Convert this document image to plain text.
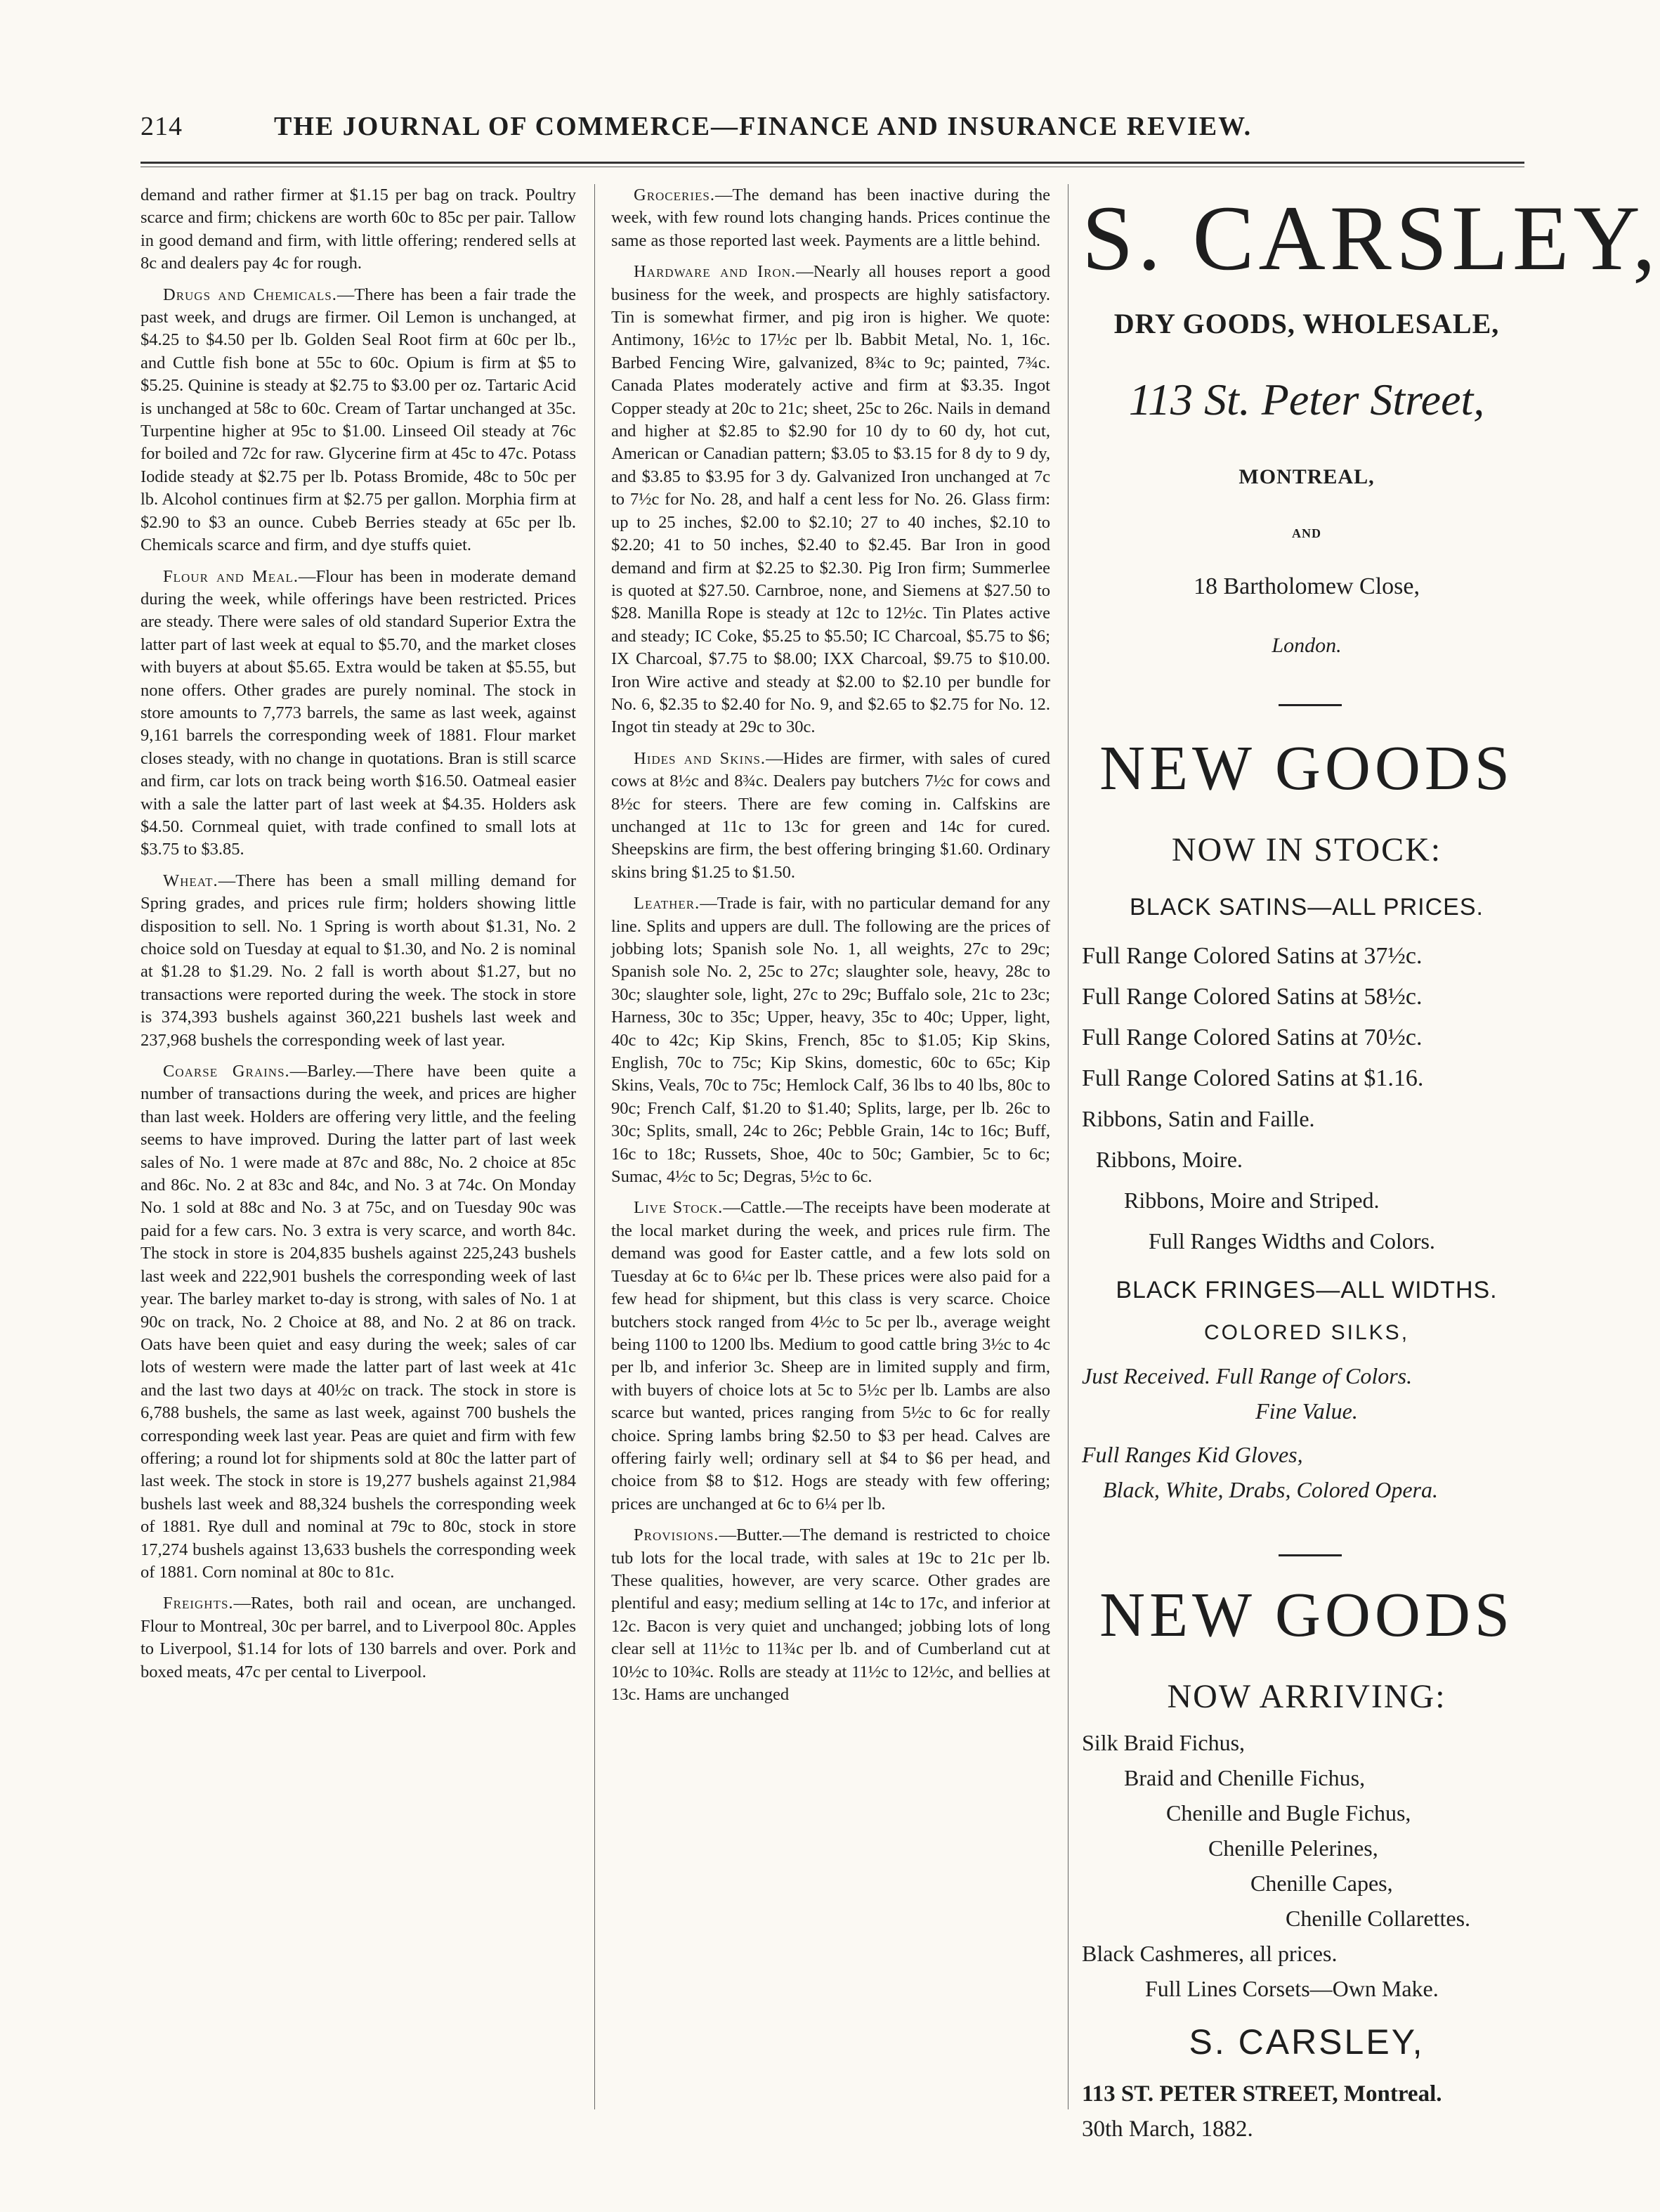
214	THE JOURNAL OF COMMERCE—FINANCE AND INSURANCE REVIEW.

demand and rather firmer at $1.15 per bag on track. Poultry scarce and firm; chickens are worth 60c to 85c per pair. Tallow in good demand and firm, with little offering; rendered sells at 8c and dealers pay 4c for rough.

Drugs and Chemicals.—There has been a fair trade the past week, and drugs are firmer. Oil Lemon is unchanged, at $4.25 to $4.50 per lb. Golden Seal Root firm at 60c per lb., and Cuttle fish bone at 55c to 60c. Opium is firm at $5 to $5.25. Quinine is steady at $2.75 to $3.00 per oz. Tartaric Acid is unchanged at 58c to 60c. Cream of Tartar unchanged at 35c. Turpentine higher at 95c to $1.00. Linseed Oil steady at 76c for boiled and 72c for raw. Glycerine firm at 45c to 47c. Potass Iodide steady at $2.75 per lb. Potass Bromide, 48c to 50c per lb. Alcohol continues firm at $2.75 per gallon. Morphia firm at $2.90 to $3 an ounce. Cubeb Berries steady at 65c per lb. Chemicals scarce and firm, and dye stuffs quiet.

Flour and Meal.—Flour has been in moderate demand during the week, while offerings have been restricted. Prices are steady. There were sales of old standard Superior Extra the latter part of last week at equal to $5.70, and the market closes with buyers at about $5.65. Extra would be taken at $5.55, but none offers. Other grades are purely nominal. The stock in store amounts to 7,773 barrels, the same as last week, against 9,161 barrels the corresponding week of 1881. Flour market closes steady, with no change in quotations. Bran is still scarce and firm, car lots on track being worth $16.50. Oatmeal easier with a sale the latter part of last week at $4.35. Holders ask $4.50. Cornmeal quiet, with trade confined to small lots at $3.75 to $3.85.

Wheat.—There has been a small milling demand for Spring grades, and prices rule firm; holders showing little disposition to sell. No. 1 Spring is worth about $1.31, No. 2 choice sold on Tuesday at equal to $1.30, and No. 2 is nominal at $1.28 to $1.29. No. 2 fall is worth about $1.27, but no transactions were reported during the week. The stock in store is 374,393 bushels against 360,221 bushels last week and 237,968 bushels the corresponding week of last year.

Coarse Grains.—Barley.—There have been quite a number of transactions during the week, and prices are higher than last week. Holders are offering very little, and the feeling seems to have improved. During the latter part of last week sales of No. 1 were made at 87c and 88c, No. 2 choice at 85c and 86c. No. 2 at 83c and 84c, and No. 3 at 74c. On Monday No. 1 sold at 88c and No. 3 at 75c, and on Tuesday 90c was paid for a few cars. No. 3 extra is very scarce, and worth 84c. The stock in store is 204,835 bushels against 225,243 bushels last week and 222,901 bushels the corresponding week of last year. The barley market to-day is strong, with sales of No. 1 at 90c on track, No. 2 Choice at 88, and No. 2 at 86 on track. Oats have been quiet and easy during the week; sales of car lots of western were made the latter part of last week at 41c and the last two days at 40½c on track. The stock in store is 6,788 bushels, the same as last week, against 700 bushels the corresponding week last year. Peas are quiet and firm with few offering; a round lot for shipments sold at 80c the latter part of last week. The stock in store is 19,277 bushels against 21,984 bushels last week and 88,324 bushels the corresponding week of 1881. Rye dull and nominal at 79c to 80c, stock in store 17,274 bushels against 13,633 bushels the corresponding week of 1881. Corn nominal at 80c to 81c.

Freights.—Rates, both rail and ocean, are unchanged. Flour to Montreal, 30c per barrel, and to Liverpool 80c. Apples to Liverpool, $1.14 for lots of 130 barrels and over. Pork and boxed meats, 47c per cental to Liverpool.

Groceries.—The demand has been inactive during the week, with few round lots changing hands. Prices continue the same as those reported last week. Payments are a little behind.

Hardware and Iron.—Nearly all houses report a good business for the week, and prospects are highly satisfactory. Tin is somewhat firmer, and pig iron is higher. We quote: Antimony, 16½c to 17½c per lb. Babbit Metal, No. 1, 16c. Barbed Fencing Wire, galvanized, 8¾c to 9c; painted, 7¾c. Canada Plates moderately active and firm at $3.35. Ingot Copper steady at 20c to 21c; sheet, 25c to 26c. Nails in demand and higher at $2.85 to $2.90 for 10 dy to 60 dy, hot cut, American or Canadian pattern; $3.05 to $3.15 for 8 dy to 9 dy, and $3.85 to $3.95 for 3 dy. Galvanized Iron unchanged at 7c to 7½c for No. 28, and half a cent less for No. 26. Glass firm: up to 25 inches, $2.00 to $2.10; 27 to 40 inches, $2.10 to $2.20; 41 to 50 inches, $2.40 to $2.45. Bar Iron in good demand and firm at $2.25 to $2.30. Pig Iron firm; Summerlee is quoted at $27.50. Carnbroe, none, and Siemens at $27.50 to $28. Manilla Rope is steady at 12c to 12½c. Tin Plates active and steady; IC Coke, $5.25 to $5.50; IC Charcoal, $5.75 to $6; IX Charcoal, $7.75 to $8.00; IXX Charcoal, $9.75 to $10.00. Iron Wire active and steady at $2.00 to $2.10 per bundle for No. 6, $2.35 to $2.40 for No. 9, and $2.65 to $2.75 for No. 12. Ingot tin steady at 29c to 30c.

Hides and Skins.—Hides are firmer, with sales of cured cows at 8½c and 8¾c. Dealers pay butchers 7½c for cows and 8½c for steers. There are few coming in. Calfskins are unchanged at 11c to 13c for green and 14c for cured. Sheepskins are firm, the best offering bringing $1.60. Ordinary skins bring $1.25 to $1.50.

Leather.—Trade is fair, with no particular demand for any line. Splits and uppers are dull. The following are the prices of jobbing lots; Spanish sole No. 1, all weights, 27c to 29c; Spanish sole No. 2, 25c to 27c; slaughter sole, heavy, 28c to 30c; slaughter sole, light, 27c to 29c; Buffalo sole, 21c to 23c; Harness, 30c to 35c; Upper, heavy, 35c to 40c; Upper, light, 40c to 42c; Kip Skins, French, 85c to $1.05; Kip Skins, English, 70c to 75c; Kip Skins, domestic, 60c to 65c; Kip Skins, Veals, 70c to 75c; Hemlock Calf, 36 lbs to 40 lbs, 80c to 90c; French Calf, $1.20 to $1.40; Splits, large, per lb. 26c to 30c; Splits, small, 24c to 26c; Pebble Grain, 14c to 16c; Buff, 16c to 18c; Russets, Shoe, 40c to 50c; Gambier, 5c to 6c; Sumac, 4½c to 5c; Degras, 5½c to 6c.

Live Stock.—Cattle.—The receipts have been moderate at the local market during the week, and prices rule firm. The demand was good for Easter cattle, and a few lots sold on Tuesday at 6c to 6¼c per lb. These prices were also paid for a few head for shipment, but this class is very scarce. Choice butchers stock ranged from 4½c to 5c per lb., average weight being 1100 to 1200 lbs. Medium to good cattle bring 3½c to 4c per lb, and inferior 3c. Sheep are in limited supply and firm, with buyers of choice lots at 5c to 5½c per lb. Lambs are also scarce but wanted, prices ranging from 5½c to 6c for really choice. Spring lambs bring $2.50 to $3 per head. Calves are offering fairly well; ordinary sell at $4 to $6 per head, and choice from $8 to $12. Hogs are steady with few offering; prices are unchanged at 6c to 6¼ per lb.

Provisions.—Butter.—The demand is restricted to choice tub lots for the local trade, with sales at 19c to 21c per lb. These qualities, however, are very scarce. Other grades are plentiful and easy; medium selling at 14c to 17c, and inferior at 12c. Bacon is very quiet and unchanged; jobbing lots of long clear sell at 11½c to 11¾c per lb. and of Cumberland cut at 10½c to 10¾c. Rolls are steady at 11½c to 12½c, and bellies at 13c. Hams are unchanged

S. CARSLEY,
DRY GOODS, WHOLESALE,
113 St. Peter Street,
MONTREAL,
AND
18 Bartholomew Close,
London.
NEW GOODS
NOW IN STOCK:
BLACK SATINS—ALL PRICES.
Full Range Colored Satins at 37½c.
Full Range Colored Satins at 58½c.
Full Range Colored Satins at 70½c.
Full Range Colored Satins at $1.16.
Ribbons, Satin and Faille.
Ribbons, Moire.
Ribbons, Moire and Striped.
Full Ranges Widths and Colors.
BLACK FRINGES—ALL WIDTHS.
COLORED SILKS,
Just Received. Full Range of Colors.
Fine Value.
Full Ranges Kid Gloves,
Black, White, Drabs, Colored Opera.
NEW GOODS
NOW ARRIVING:
Silk Braid Fichus,
Braid and Chenille Fichus,
Chenille and Bugle Fichus,
Chenille Pelerines,
Chenille Capes,
Chenille Collarettes.
Black Cashmeres, all prices.
Full Lines Corsets—Own Make.
S. CARSLEY,
113 ST. PETER STREET, Montreal.
30th March, 1882.
